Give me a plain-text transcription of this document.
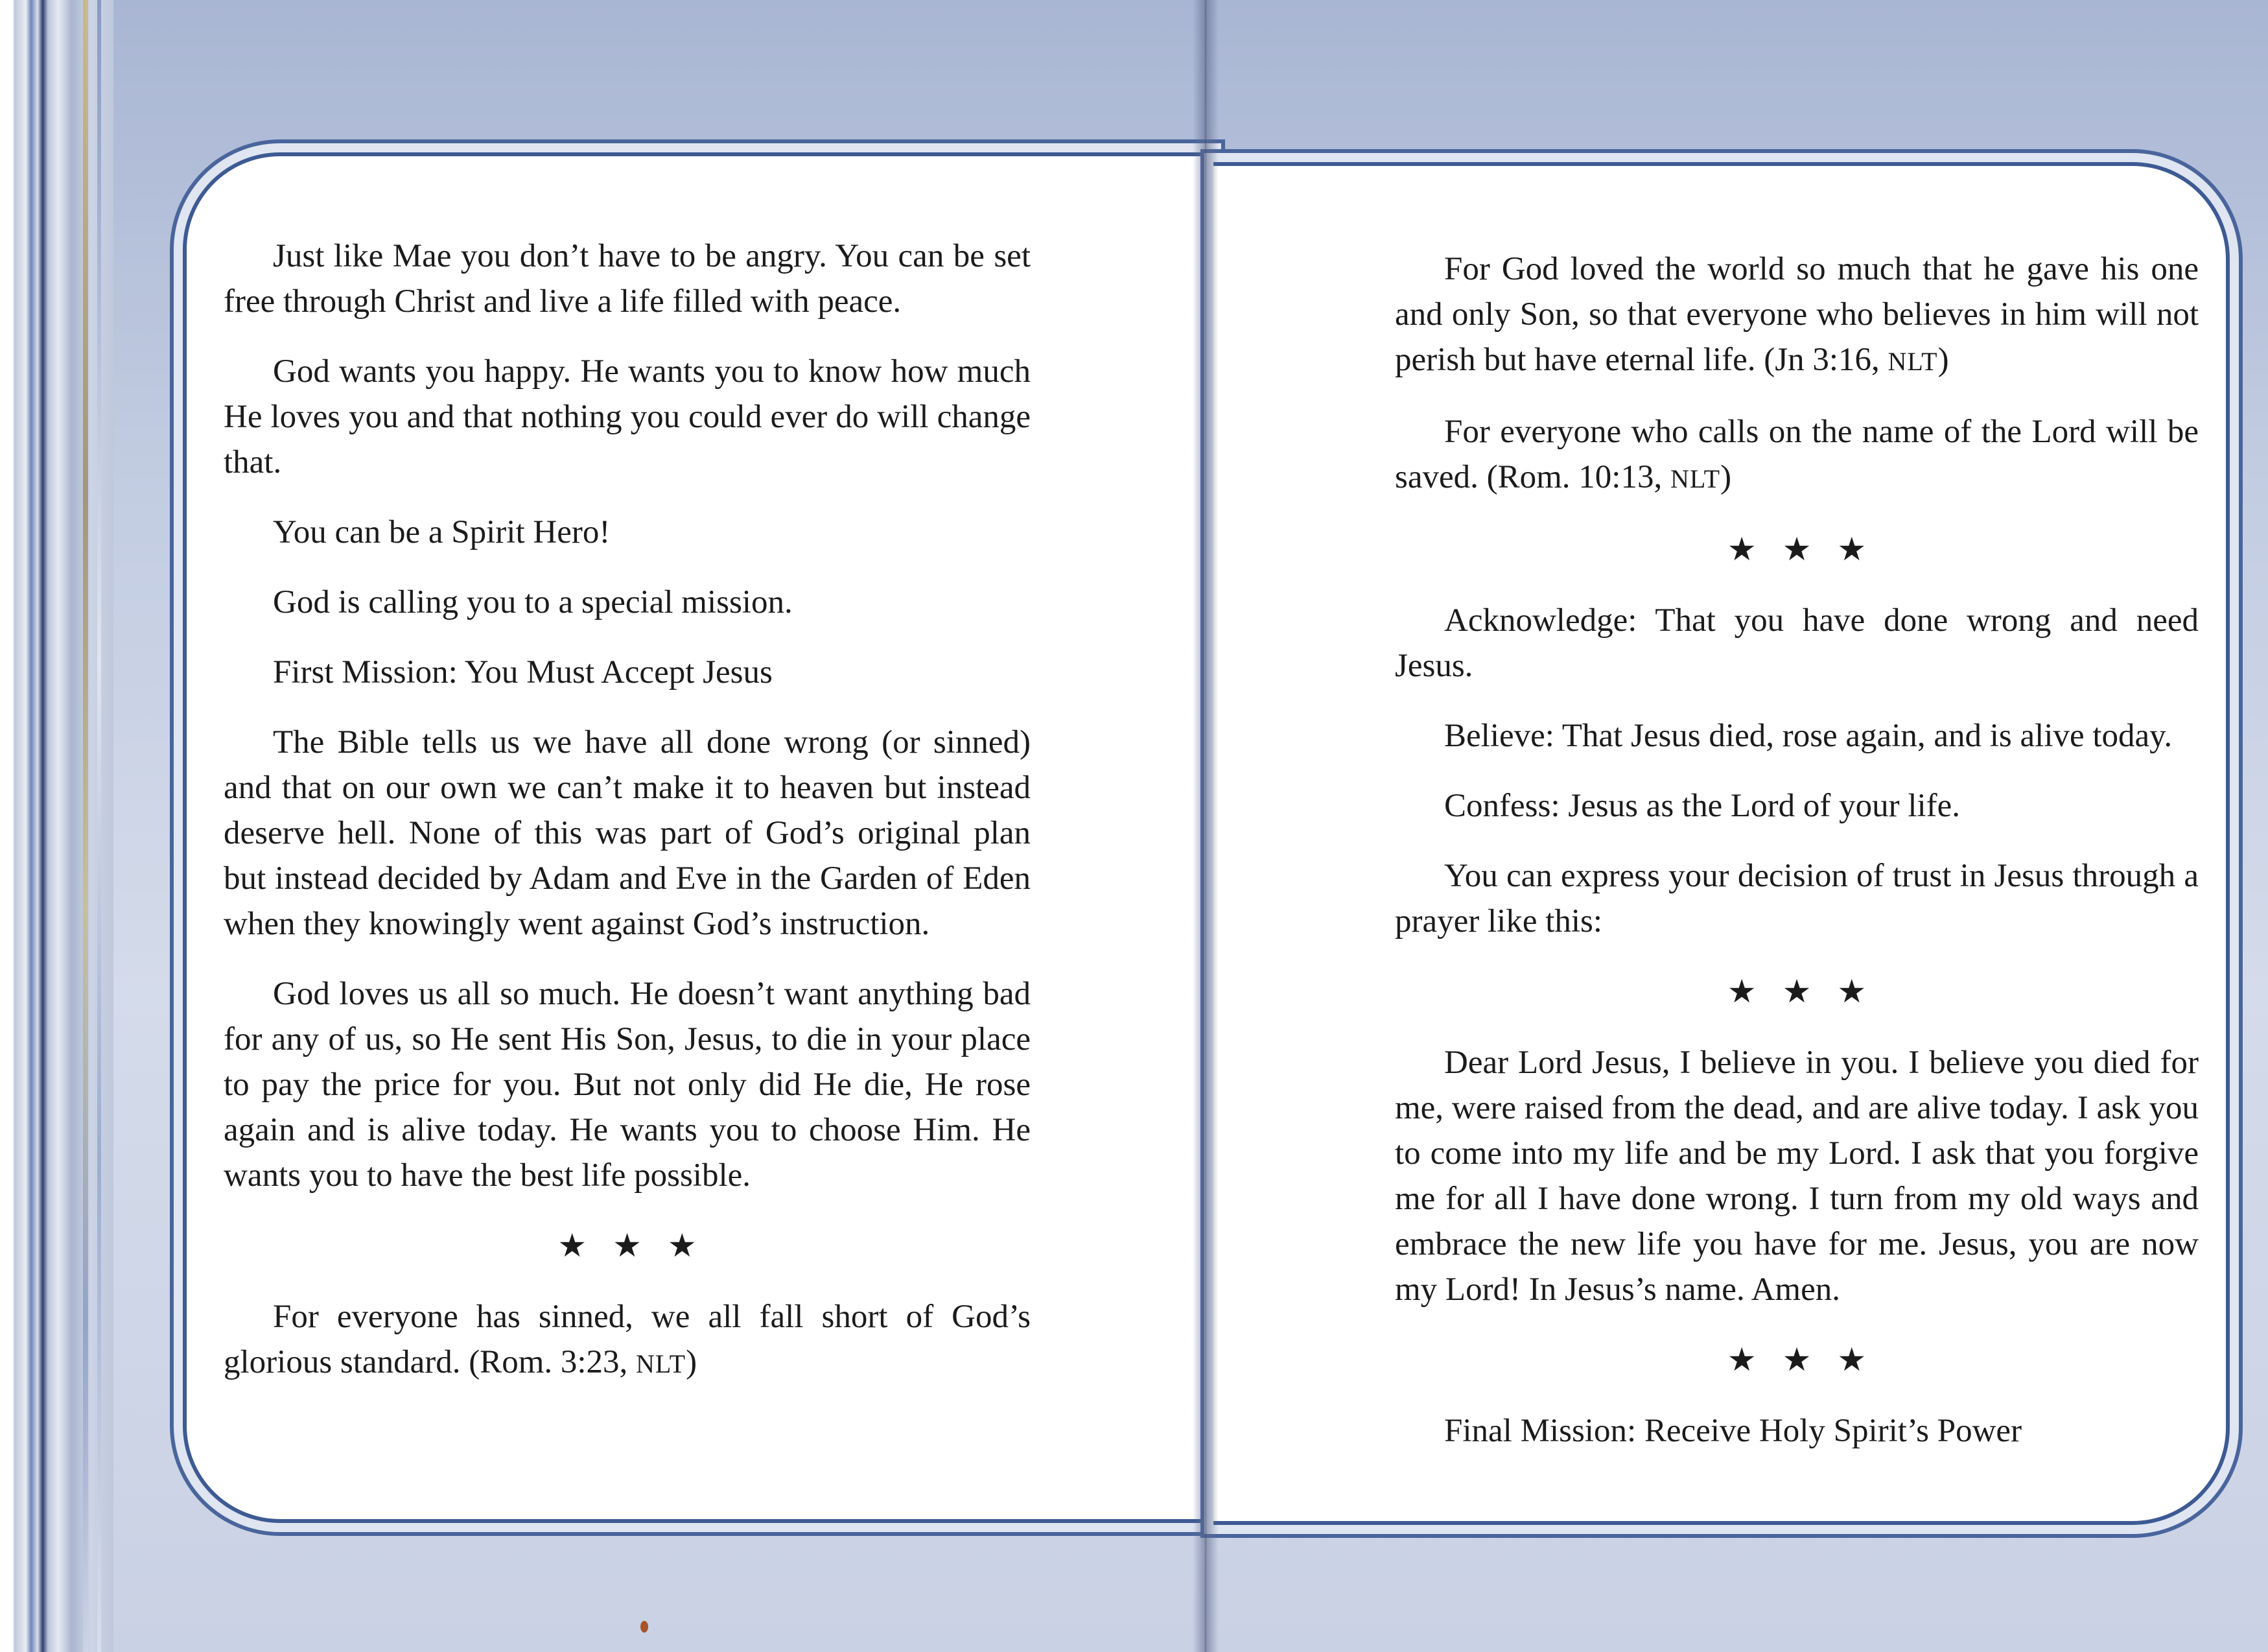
Just like Mae you don’t have to be angry. You can be set free through Christ and live a life filled with peace.

God wants you happy. He wants you to know how much He loves you and that nothing you could ever do will change that.

You can be a Spirit Hero!

God is calling you to a special mission.

First Mission: You Must Accept Jesus

The Bible tells us we have all done wrong (or sinned) and that on our own we can’t make it to heaven but instead deserve hell. None of this was part of God’s original plan but instead decided by Adam and Eve in the Garden of Eden when they knowingly went against God’s instruction.

God loves us all so much. He doesn’t want anything bad for any of us, so He sent His Son, Jesus, to die in your place to pay the price for you. But not only did He die, He rose again and is alive today. He wants you to choose Him. He wants you to have the best life possible.

★★★

For everyone has sinned, we all fall short of God’s glorious standard. (Rom. 3:23, NLT)

For God loved the world so much that he gave his one and only Son, so that everyone who believes in him will not perish but have eternal life. (Jn 3:16, NLT)

For everyone who calls on the name of the Lord will be saved. (Rom. 10:13, NLT)

★★★

Acknowledge: That you have done wrong and need Jesus.

Believe: That Jesus died, rose again, and is alive today.

Confess: Jesus as the Lord of your life.

You can express your decision of trust in Jesus through a prayer like this:

★★★

Dear Lord Jesus, I believe in you. I believe you died for me, were raised from the dead, and are alive today. I ask you to come into my life and be my Lord. I ask that you forgive me for all I have done wrong. I turn from my old ways and embrace the new life you have for me. Jesus, you are now my Lord! In Jesus’s name. Amen.

★★★

Final Mission: Receive Holy Spirit’s Power
